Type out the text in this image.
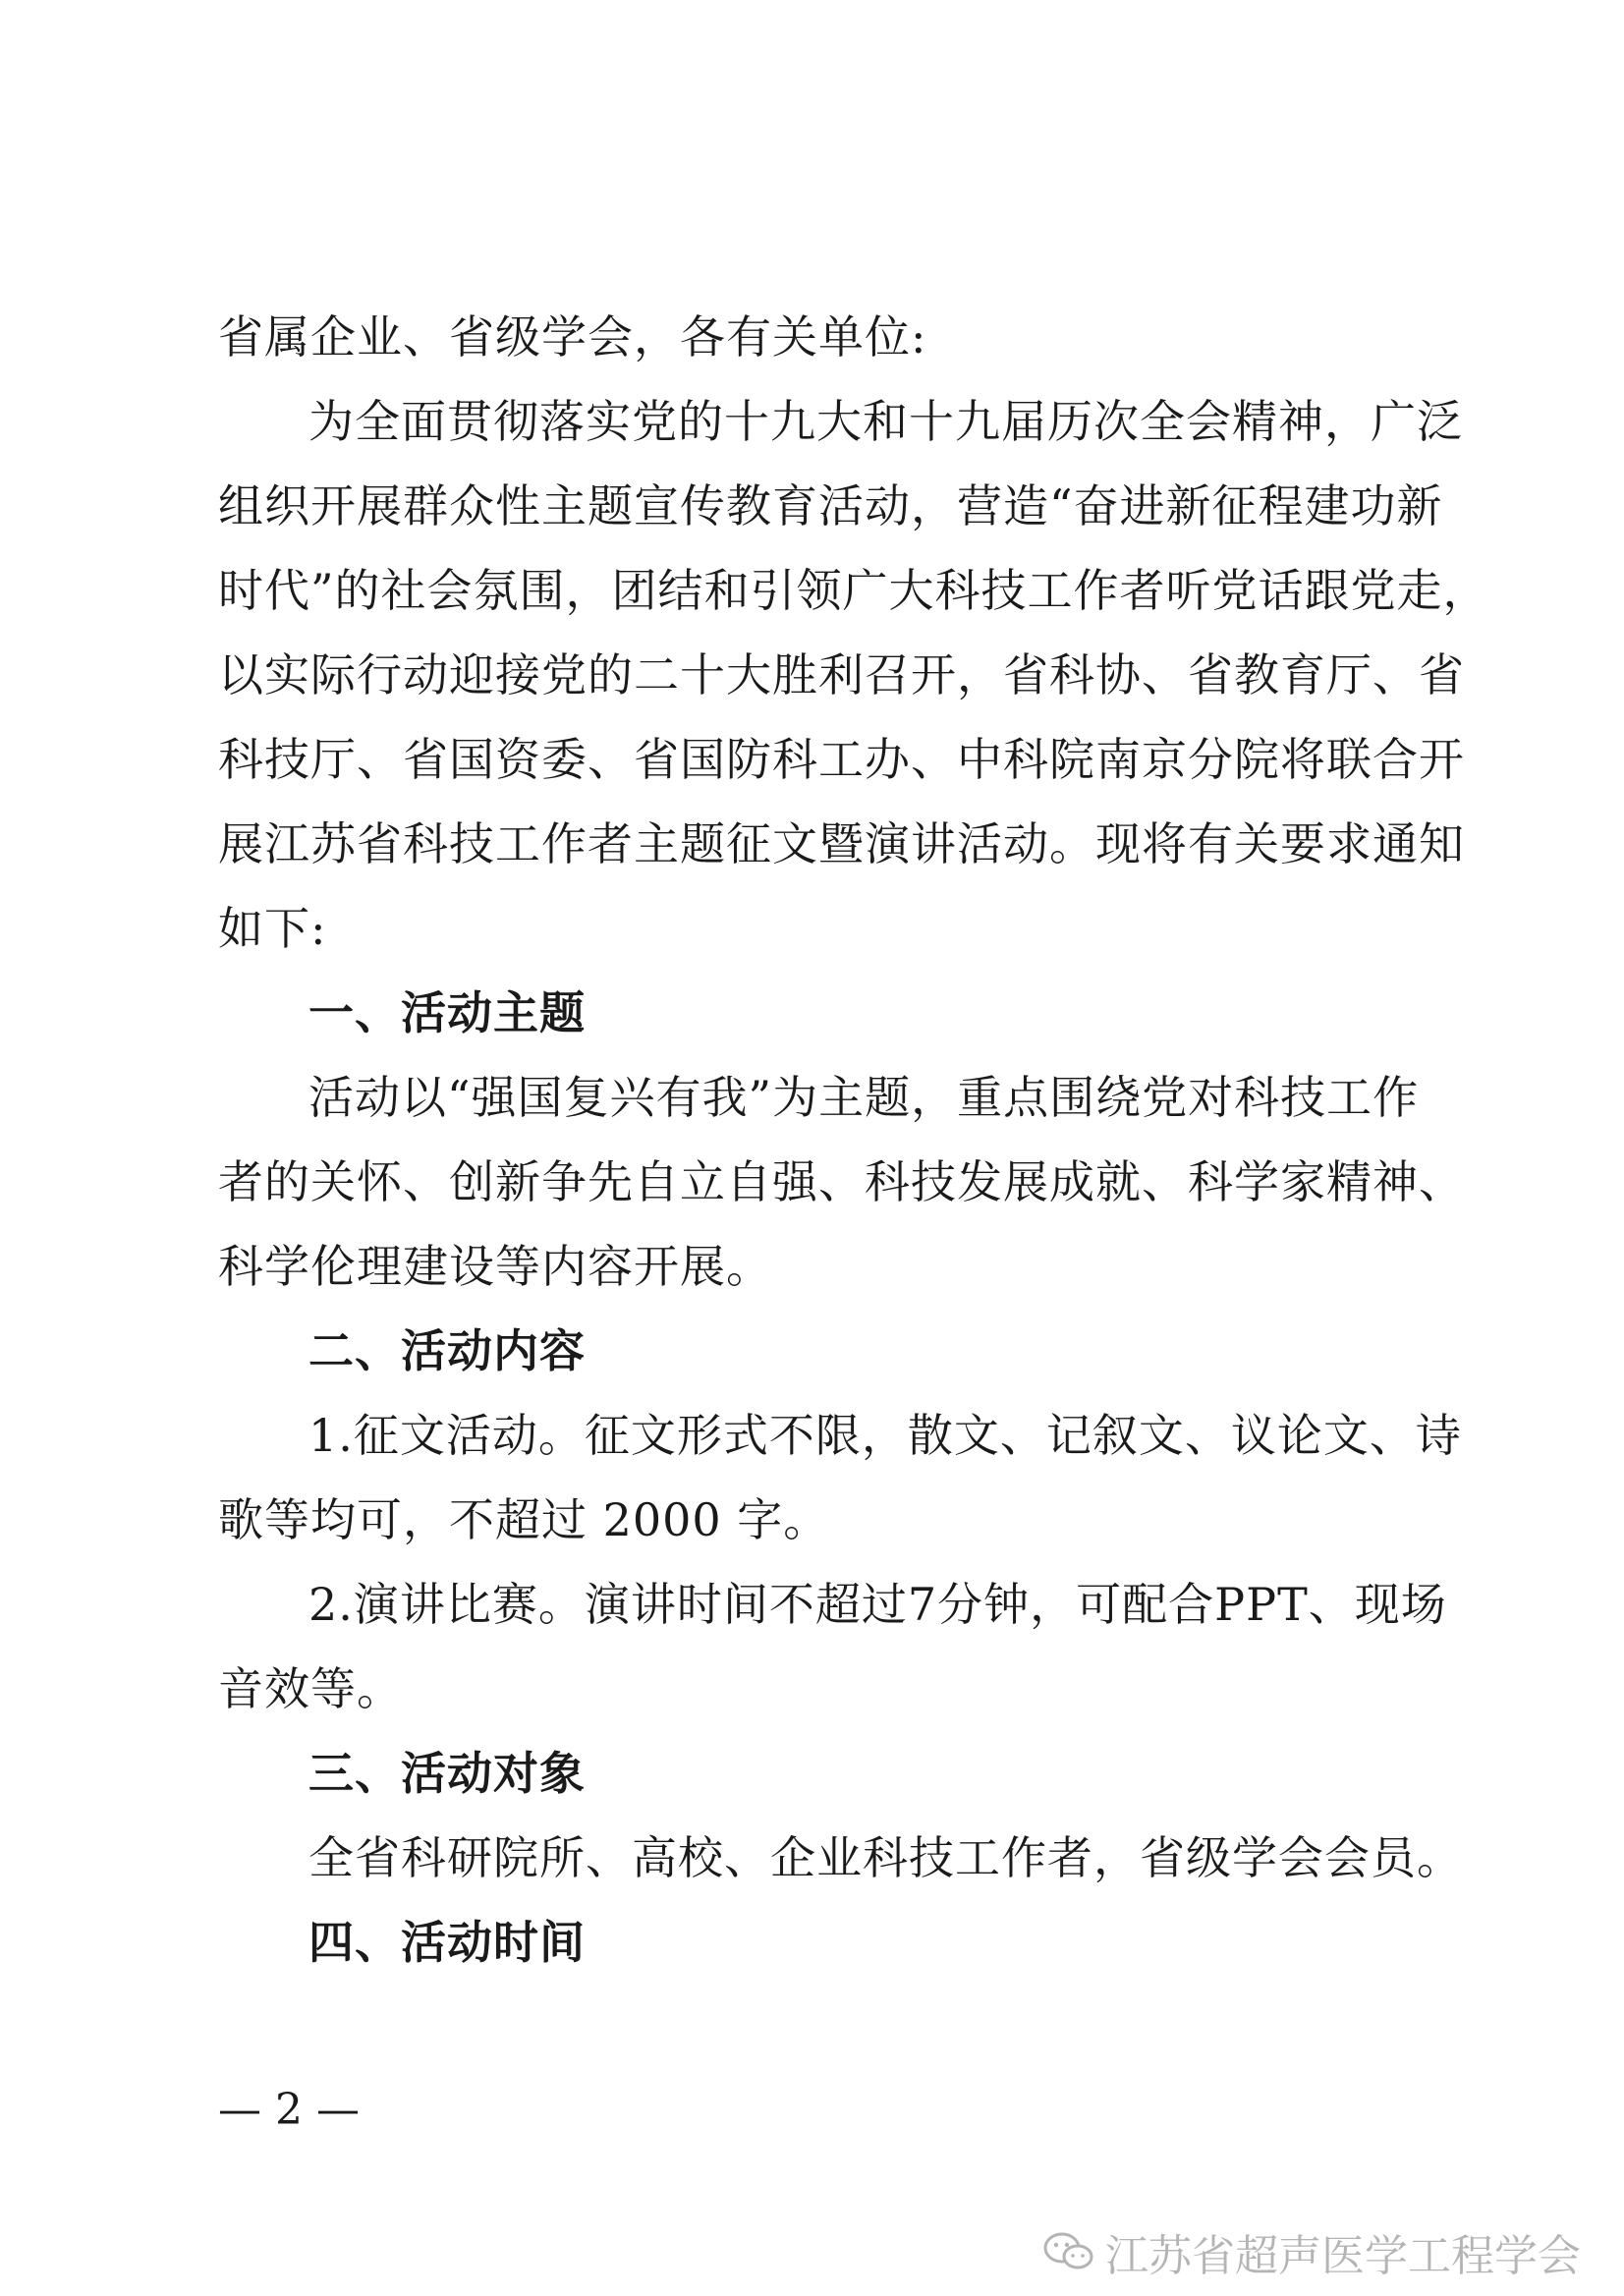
省属企业、省级学会，各有关单位:
为 全 面 贯 彻 落 实 党 的 十 九 大 和 十 九 届 历 次 全 会 精 神 ， 广 泛
组 织 开 展 群 众 性 主 题 宣 传 教 育 活 动 ， 营 造 “ 奋 进 新 征 程 建 功 新
时 代 ” 的 社 会 氛 围 ， 团 结 和 引 领 广 大 科 技 工 作 者 听 党 话 跟 党 走 ，
以 实 际 行 动 迎 接 党 的 二 十 大 胜 利 召 开 ， 省 科 协 、 省 教 育 厅 、 省
科 技 厅 、 省 国 资 委 、 省 国 防 科 工 办 、 中 科 院 南 京 分 院 将 联 合 开
展 江 苏 省 科 技 工 作 者 主 题 征 文 暨 演 讲 活 动 。 现 将 有 关 要 求 通 知
如下:
一、活动主题
活 动 以 “ 强 国 复 兴 有 我 ” 为 主 题 ， 重 点 围 绕 党 对 科 技 工 作
者 的 关 怀 、 创 新 争 先 自 立 自 强 、 科 技 发 展 成 就 、 科 学 家 精 神 、
科学伦理建设等内容开展。
二、活动内容
1. 征 文 活 动 。 征 文 形 式 不 限 ， 散 文 、 记 叙 文 、 议 论 文 、 诗
歌等均可，不超过 2000 字。
2. 演 讲 比 赛 。 演 讲 时 间 不 超 过 7 分 钟 ， 可 配 合 PPT 、 现 场
音效等。
三、活动对象
全省科研院所、高校、企业科技工作者，省级学会会员。
四、活动时间
— 2 —
江苏省超声医学工程学会
